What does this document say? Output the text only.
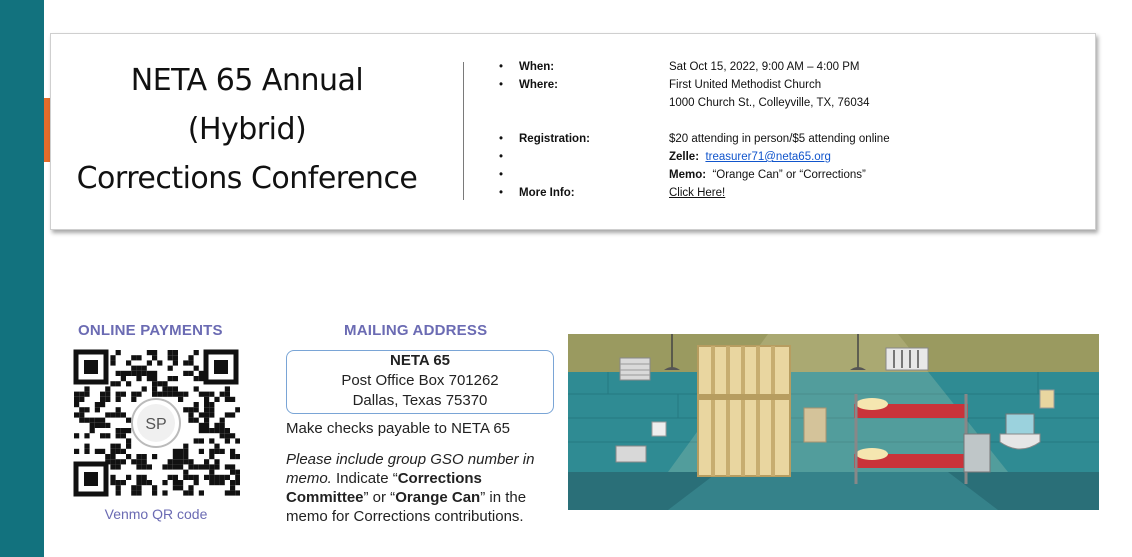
NETA 65 Annual
(Hybrid)
Corrections Conference
• When:	Sat Oct 15, 2022, 9:00 AM – 4:00 PM
• Where:	First United Methodist Church
1000 Church St., Colleyville, TX, 76034
• Registration:	$20 attending in person/$5 attending online
•	Zelle: treasurer71@neta65.org
•	Memo: “Orange Can” or “Corrections”
• More Info:	Click Here!
ONLINE PAYMENTS
SP
Venmo QR code
MAILING ADDRESS
NETA 65
Post Office Box 701262
Dallas, Texas 75370
Make checks payable to NETA 65
Please include group GSO number in memo. Indicate “Corrections Committee” or “Orange Can” in the memo for Corrections contributions.
